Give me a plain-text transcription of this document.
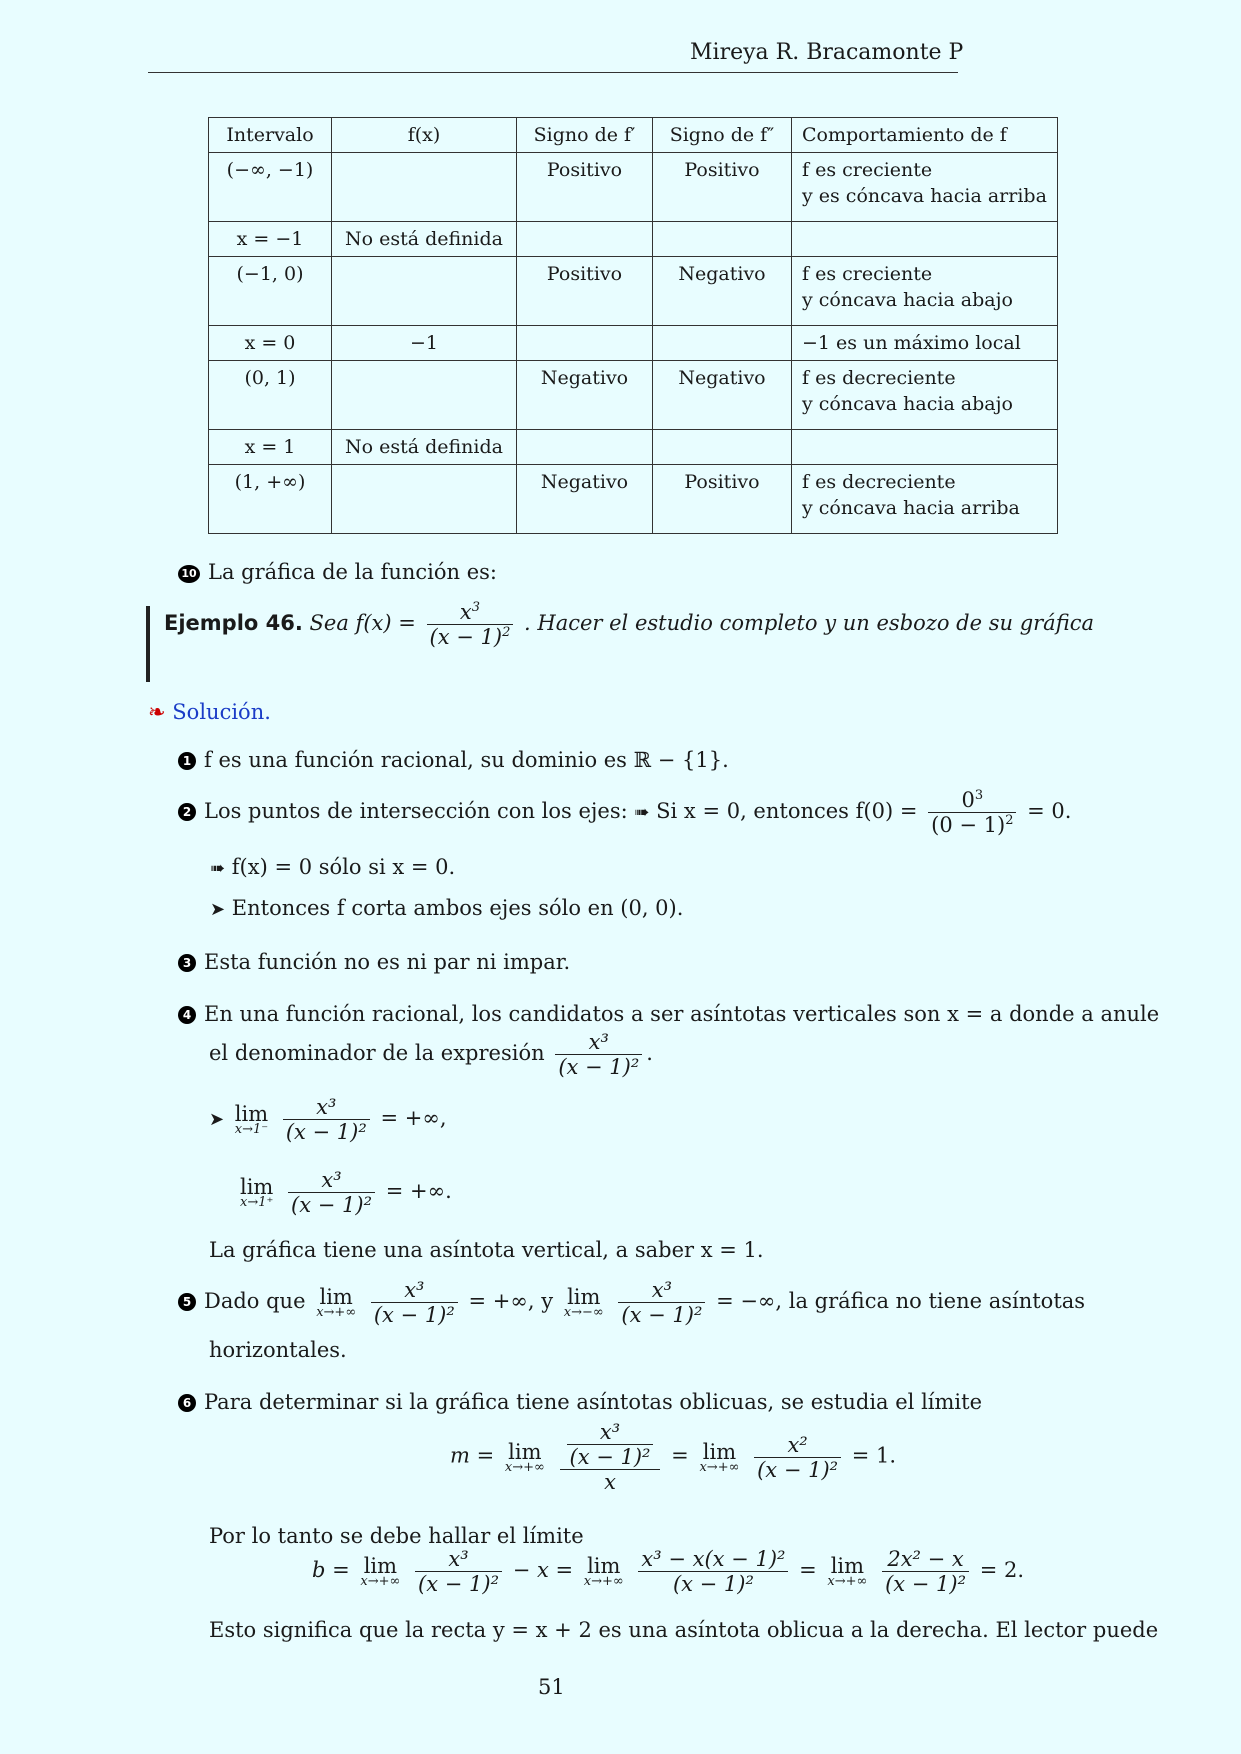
Mireya R. Bracamonte P
Intervalo	f(x)	Signo de f′	Signo de f″	Comportamiento de f
(−∞, −1)		Positivo	Positivo	f es creciente
y es cóncava hacia arriba
x = −1	No está definida			
(−1, 0)		Positivo	Negativo	f es creciente
y cóncava hacia abajo
x = 0	−1			−1 es un máximo local
(0, 1)		Negativo	Negativo	f es decreciente
y cóncava hacia abajo
x = 1	No está definida			
(1, +∞)		Negativo	Positivo	f es decreciente
y cóncava hacia arriba
10 La gráfica de la función es:
Ejemplo 46. Sea $f(x) = \frac{x^3}{(x - 1)^2}$ . Hacer el estudio completo y un esbozo de su gráfica
❧ Solución.
1 f es una función racional, su dominio es ℝ − {1}.
2 Los puntos de intersección con los ejes: ➠ Si x = 0, entonces $f(0) = \frac{0^3}{(0 - 1)^2} = 0$.
➠ f(x) = 0 sólo si x = 0.
➤ Entonces f corta ambos ejes sólo en (0, 0).
3 Esta función no es ni par ni impar.
4 En una función racional, los candidatos a ser asíntotas verticales son x = a donde a anule
el denominador de la expresión $\frac{\text{x³}}{\text{(x − 1)²}}$ .
➤ lim
x→1⁻
$\frac{\text{x³}}{\text{(x − 1)²}}$ = +∞,
lim
x→1⁺
$\frac{\text{x³}}{\text{(x − 1)²}}$ = +∞.
La gráfica tiene una asíntota vertical, a saber x = 1.
5 Dado que lim
x→+∞
$\frac{\text{x³}}{\text{(x − 1)²}}$ = +∞, y lim
x→−∞
$\frac{\text{x³}}{\text{(x − 1)²}}$ = −∞, la gráfica no tiene asíntotas
horizontales.
6 Para determinar si la gráfica tiene asíntotas oblicuas, se estudia el límite
m = lim
x→+∞
$\frac{\frac{\text{x³}}{\text{(x − 1)²}}}{x} = \lim$
x→+∞
$\frac{\text{x²}}{\text{(x − 1)²}} = 1$.
Por lo tanto se debe hallar el límite
b = lim
x→+∞
$\frac{\text{x³}}{\text{(x − 1)²}} - x = \lim$
x→+∞
$\frac{\text{x³ − x(x − 1)²}}{\text{(x − 1)²}} = \lim$
x→+∞
$\frac{\text{2x² − x}}{\text{(x − 1)²}} = 2$.
Esto significa que la recta y = x + 2 es una asíntota oblicua a la derecha. El lector puede
51
